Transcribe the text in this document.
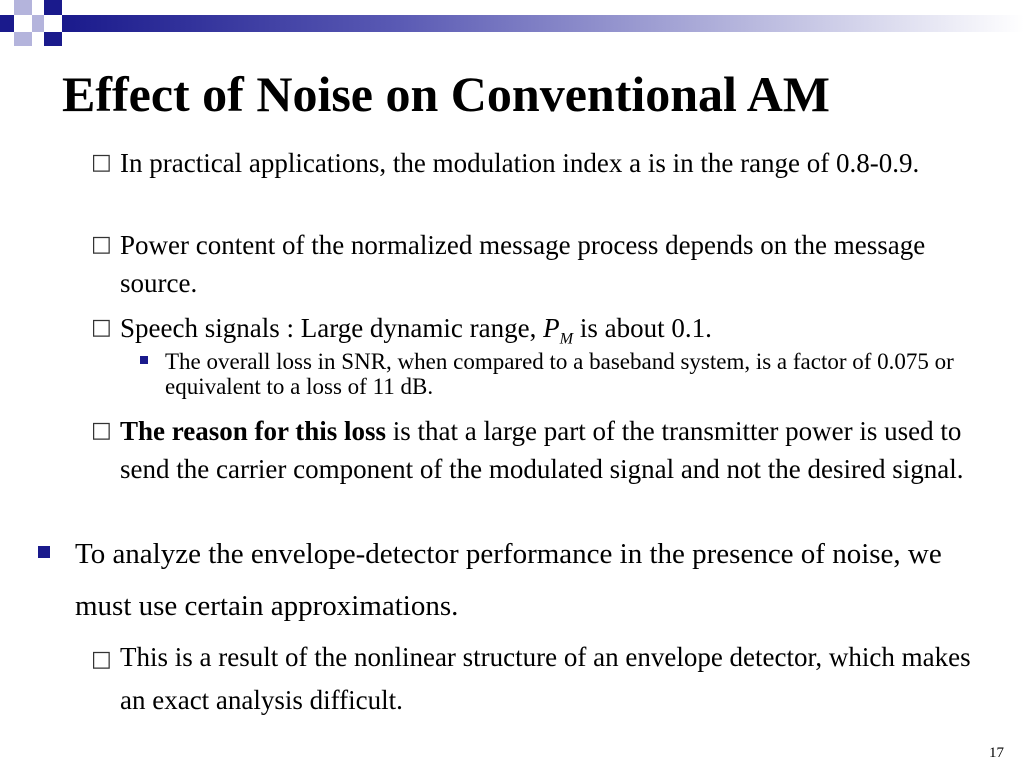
Effect of Noise on Conventional AM
□ In practical applications, the modulation index a is in the range of 0.8-0.9.
□ Power content of the normalized message process depends on the message source.
□ Speech signals : Large dynamic range, $P_M$ is about 0.1.
The overall loss in SNR, when compared to a baseband system, is a factor of 0.075 or equivalent to a loss of 11 dB.
□ The reason for this loss is that a large part of the transmitter power is used to send the carrier component of the modulated signal and not the desired signal.
To analyze the envelope-detector performance in the presence of noise, we must use certain approximations.
□ This is a result of the nonlinear structure of an envelope detector, which makes an exact analysis difficult.
17
